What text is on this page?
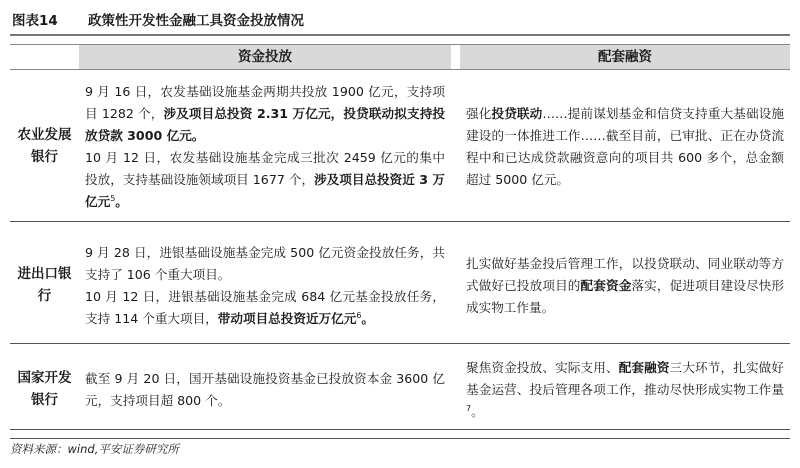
图表14	政策性开发性金融工具资金投放情况
资金投放	配套融资
农业发展银行
9 月 16 日，农发基础设施基金两期共投放 1900 亿元，支持项目 1282 个，涉及项目总投资 2.31 万亿元，投贷联动拟支持投放贷款 3000 亿元。
10 月 12 日，农发基础设施基金完成三批次 2459 亿元的集中投放，支持基础设施领域项目 1677 个，涉及项目总投资近 3 万亿元$^5$。
强化投贷联动……提前谋划基金和信贷支持重大基础设施建设的一体推进工作……截至目前，已审批、正在办贷流程中和已达成贷款融资意向的项目共 600 多个，总金额超过 5000 亿元。
进出口银行
9 月 28 日，进银基础设施基金完成 500 亿元资金投放任务，共支持了 106 个重大项目。
10 月 12 日，进银基础设施基金完成 684 亿元基金投放任务，支持 114 个重大项目，带动项目总投资近万亿元$^6$。
扎实做好基金投后管理工作，以投贷联动、同业联动等方式做好已投放项目的配套资金落实，促进项目建设尽快形成实物工作量。
国家开发银行
截至 9 月 20 日，国开基础设施投资基金已投放资本金 3600 亿元，支持项目超 800 个。
聚焦资金投放、实际支用、配套融资三大环节，扎实做好基金运营、投后管理各项工作，推动尽快形成实物工作量$^7$。
资料来源：wind,平安证券研究所
